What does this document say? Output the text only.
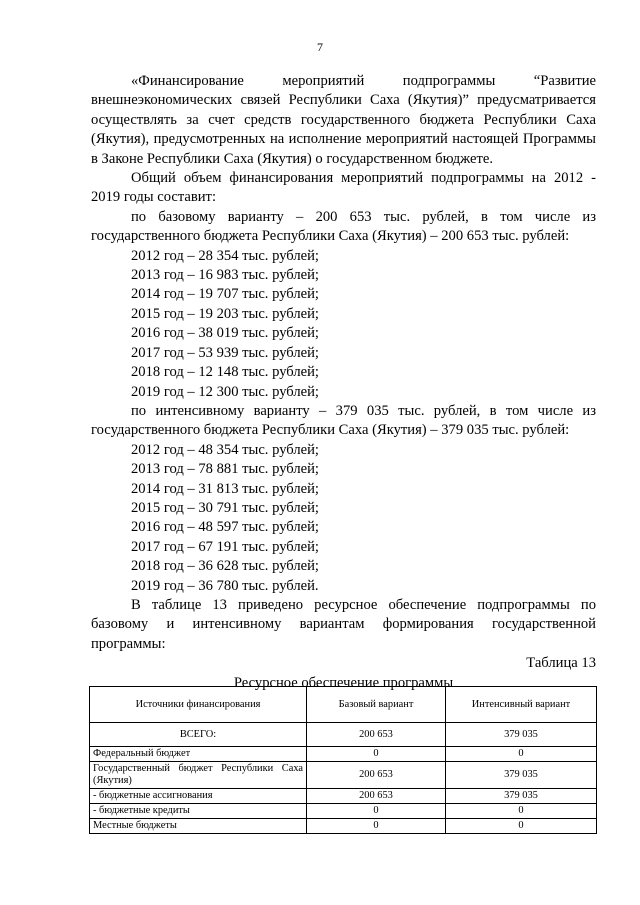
7

«Финансирование мероприятий подпрограммы “Развитие внешнеэкономических связей Республики Саха (Якутия)” предусматривается осуществлять за счет средств государственного бюджета Республики Саха (Якутия), предусмотренных на исполнение мероприятий настоящей Программы в Законе Республики Саха (Якутия) о государственном бюджете.

Общий объем финансирования мероприятий подпрограммы на 2012 - 2019 годы составит:

по базовому варианту – 200 653 тыс. рублей, в том числе из государственного бюджета Республики Саха (Якутия) – 200 653 тыс. рублей:

2012 год – 28 354 тыс. рублей;

2013 год – 16 983 тыс. рублей;

2014 год – 19 707 тыс. рублей;

2015 год – 19 203 тыс. рублей;

2016 год – 38 019 тыс. рублей;

2017 год – 53 939 тыс. рублей;

2018 год – 12 148 тыс. рублей;

2019 год – 12 300 тыс. рублей;

по интенсивному варианту – 379 035 тыс. рублей, в том числе из государственного бюджета Республики Саха (Якутия) – 379 035 тыс. рублей:

2012 год – 48 354 тыс. рублей;

2013 год – 78 881 тыс. рублей;

2014 год – 31 813 тыс. рублей;

2015 год – 30 791 тыс. рублей;

2016 год – 48 597 тыс. рублей;

2017 год – 67 191 тыс. рублей;

2018 год – 36 628 тыс. рублей;

2019 год – 36 780 тыс. рублей.

В таблице 13 приведено ресурсное обеспечение подпрограммы по базовому и интенсивному вариантам формирования государственной программы:

Таблица 13

Ресурсное обеспечение программы

Источники финансирования	Базовый вариант	Интенсивный вариант
ВСЕГО:	200 653	379 035
Федеральный бюджет	0	0
Государственный бюджет Республики Саха (Якутия)	200 653	379 035
- бюджетные ассигнования	200 653	379 035
- бюджетные кредиты	0	0
Местные бюджеты	0	0
